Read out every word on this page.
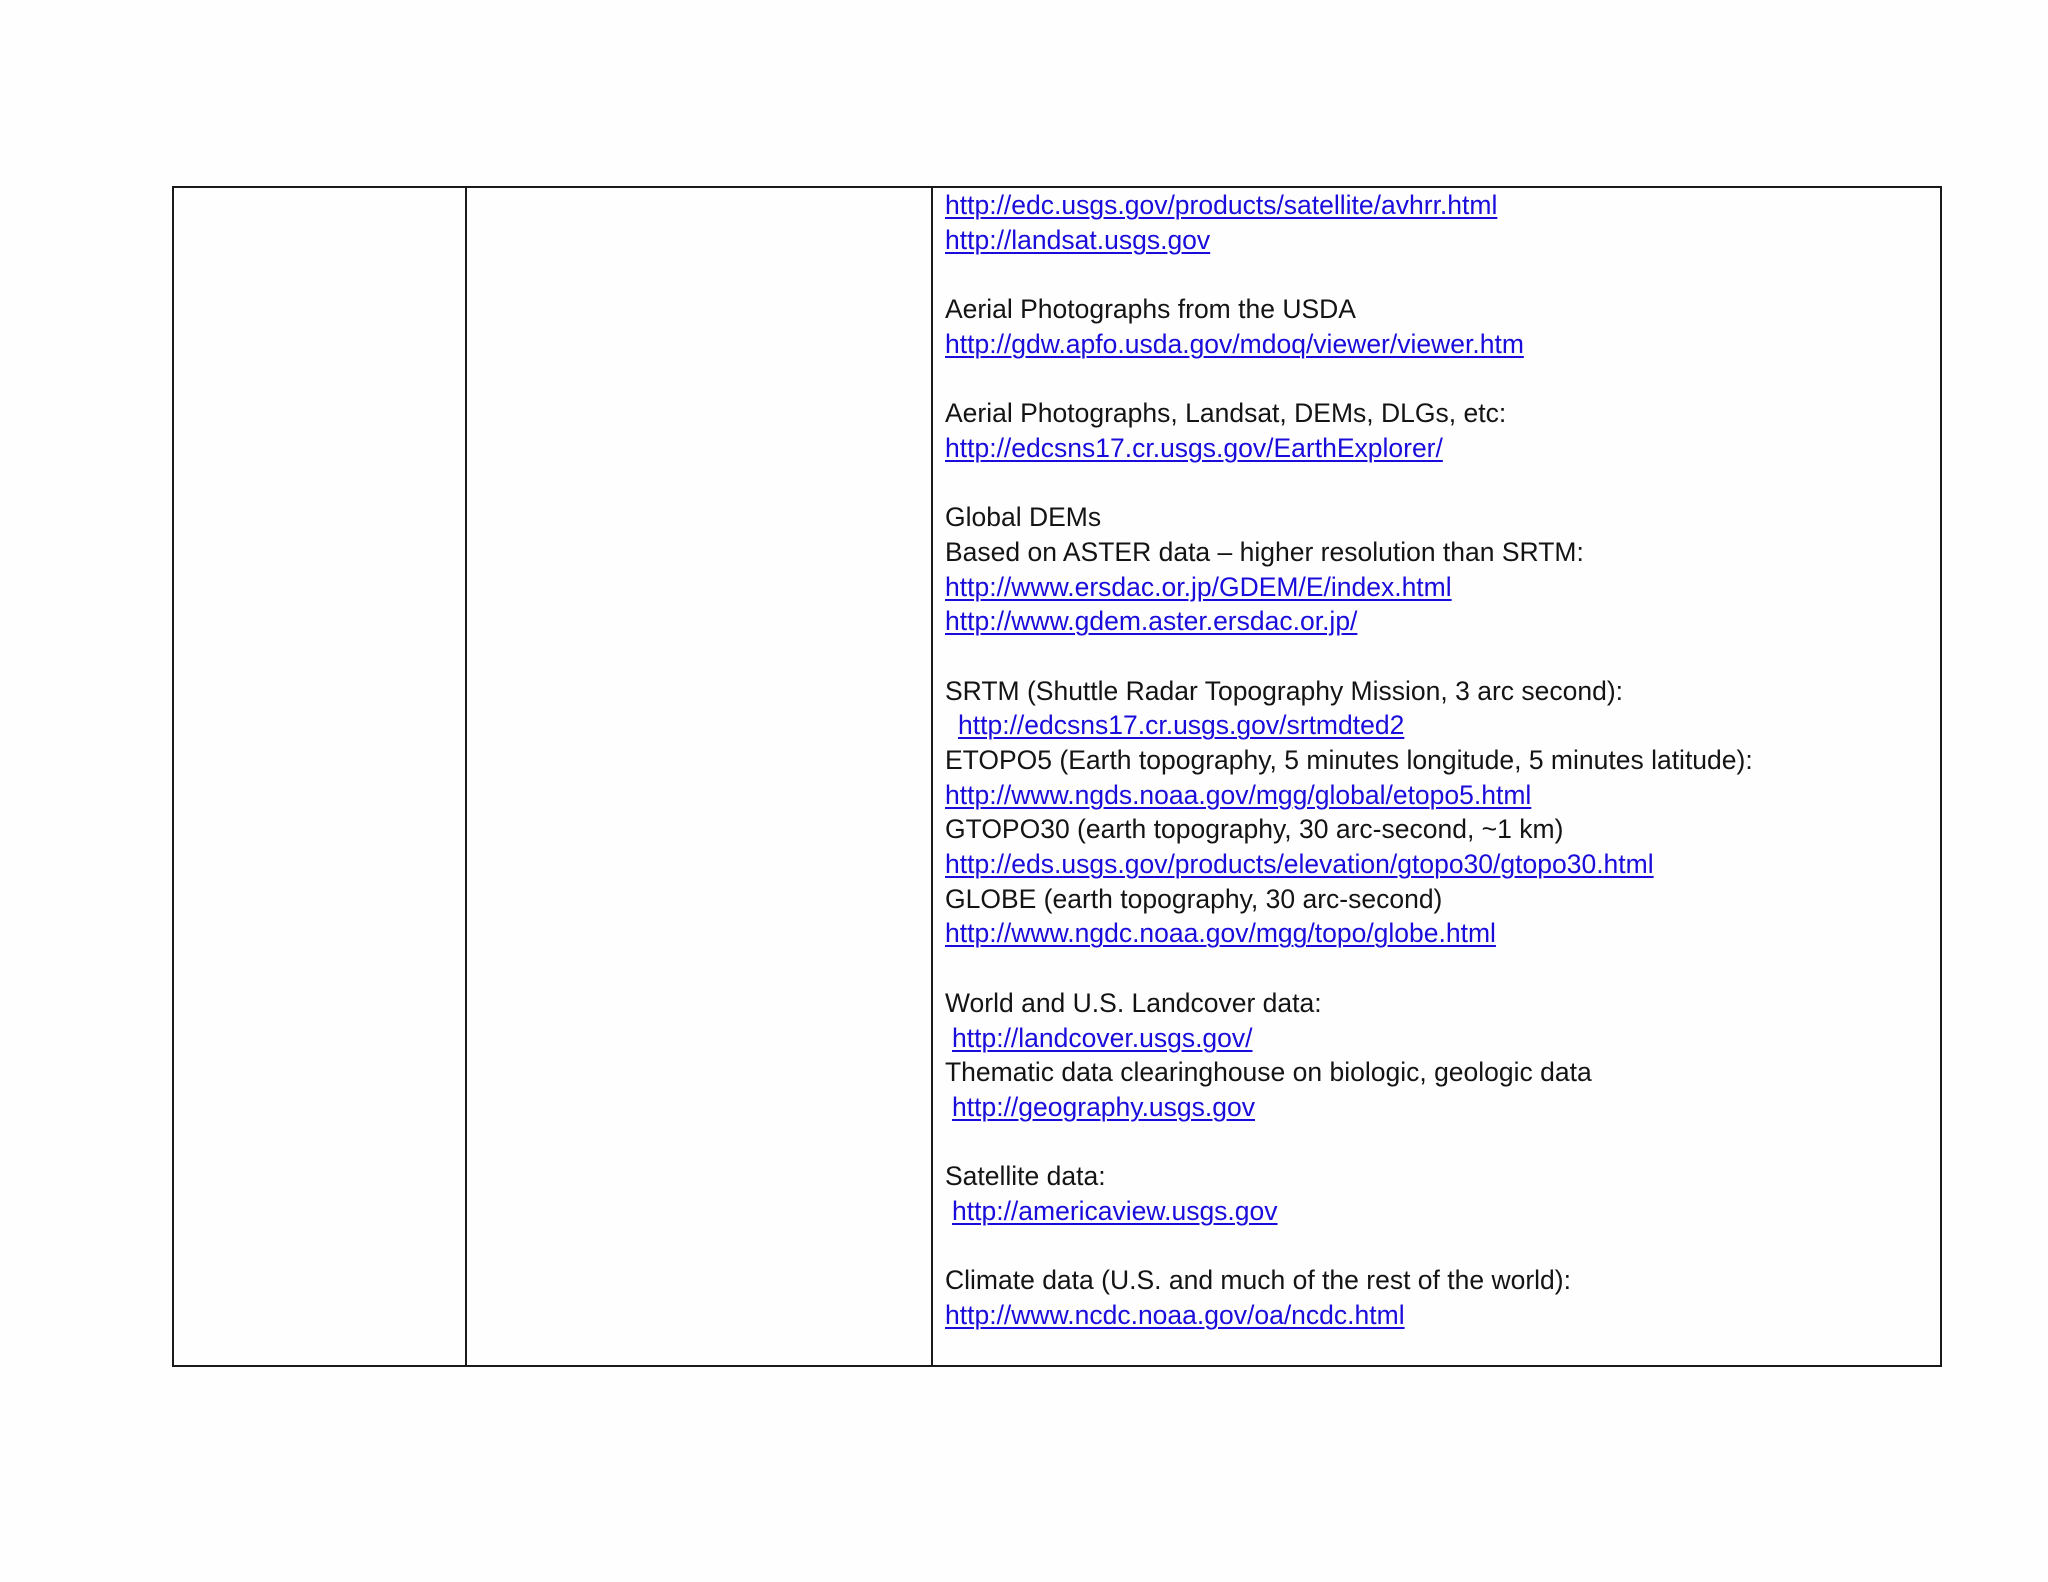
http://edc.usgs.gov/products/satellite/avhrr.html
http://landsat.usgs.gov
Aerial Photographs from the USDA
http://gdw.apfo.usda.gov/mdoq/viewer/viewer.htm
Aerial Photographs, Landsat, DEMs, DLGs, etc:
http://edcsns17.cr.usgs.gov/EarthExplorer/
Global DEMs
Based on ASTER data – higher resolution than SRTM:
http://www.ersdac.or.jp/GDEM/E/index.html
http://www.gdem.aster.ersdac.or.jp/
SRTM (Shuttle Radar Topography Mission, 3 arc second):
http://edcsns17.cr.usgs.gov/srtmdted2
ETOPO5 (Earth topography, 5 minutes longitude, 5 minutes latitude):
http://www.ngds.noaa.gov/mgg/global/etopo5.html
GTOPO30 (earth topography, 30 arc-second, ~1 km)
http://eds.usgs.gov/products/elevation/gtopo30/gtopo30.html
GLOBE (earth topography, 30 arc-second)
http://www.ngdc.noaa.gov/mgg/topo/globe.html
World and U.S. Landcover data:
http://landcover.usgs.gov/
Thematic data clearinghouse on biologic, geologic data
http://geography.usgs.gov
Satellite data:
http://americaview.usgs.gov
Climate data (U.S. and much of the rest of the world):
http://www.ncdc.noaa.gov/oa/ncdc.html
